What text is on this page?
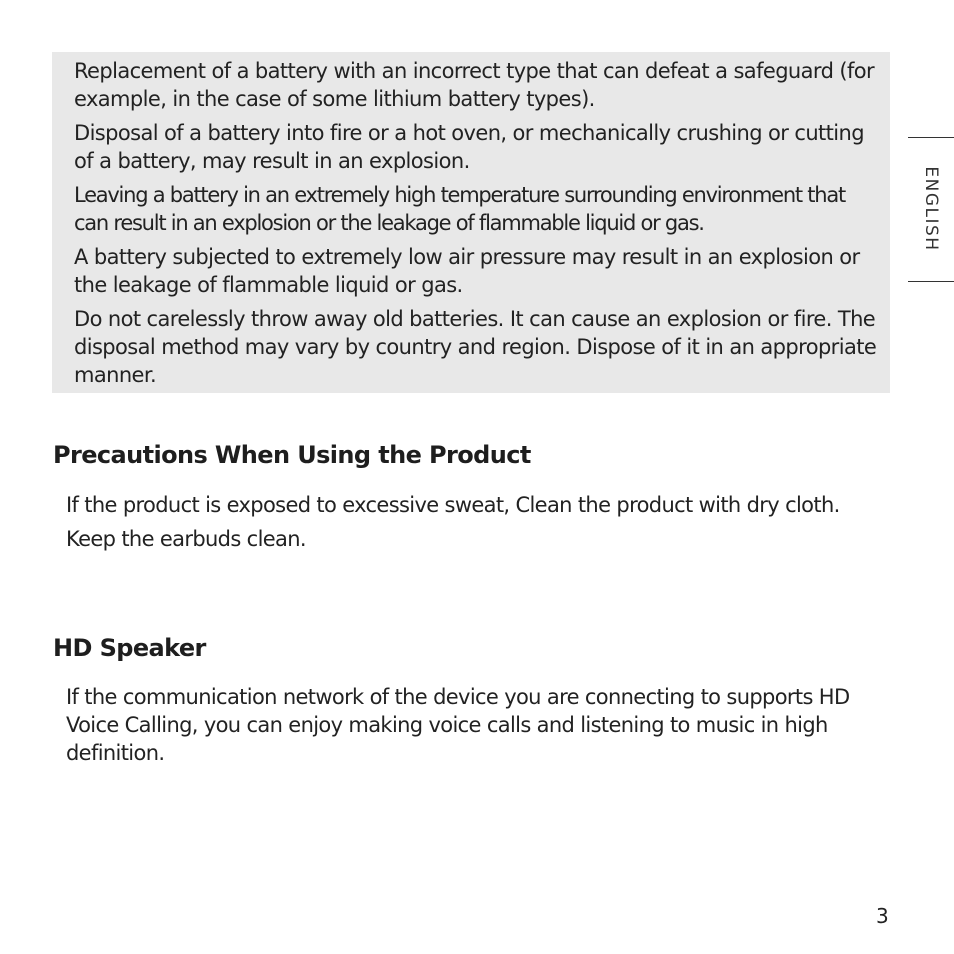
Replacement of a battery with an incorrect type that can defeat a safeguard (for example, in the case of some lithium battery types).

Disposal of a battery into fire or a hot oven, or mechanically crushing or cutting of a battery, may result in an explosion.

Leaving a battery in an extremely high temperature surrounding environment that can result in an explosion or the leakage of flammable liquid or gas.

A battery subjected to extremely low air pressure may result in an explosion or the leakage of flammable liquid or gas.

Do not carelessly throw away old batteries. It can cause an explosion or fire. The disposal method may vary by country and region. Dispose of it in an appropriate manner.

Precautions When Using the Product

If the product is exposed to excessive sweat, Clean the product with dry cloth.

Keep the earbuds clean.

HD Speaker

If the communication network of the device you are connecting to supports HD Voice Calling, you can enjoy making voice calls and listening to music in high definition.

ENGLISH
3
